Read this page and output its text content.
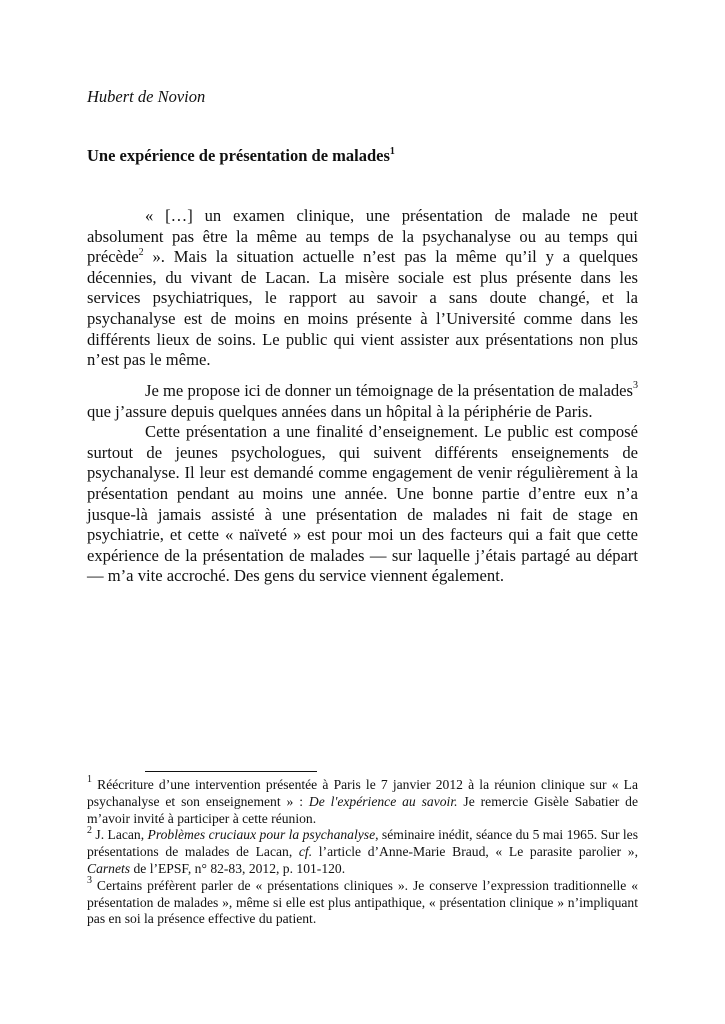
Hubert de Novion
Une expérience de présentation de malades$^1$

« […] un examen clinique, une présentation de malade ne peut absolument pas être la même au temps de la psychanalyse ou au temps qui précède$^2$ ». Mais la situation actuelle n’est pas la même qu’il y a quelques décennies, du vivant de Lacan. La misère sociale est plus présente dans les services psychiatriques, le rapport au savoir a sans doute changé, et la psychanalyse est de moins en moins présente à l’Université comme dans les différents lieux de soins. Le public qui vient assister aux présentations non plus n’est pas le même.

Je me propose ici de donner un témoignage de la présentation de malades$^3$ que j’assure depuis quelques années dans un hôpital à la périphérie de Paris.

Cette présentation a une finalité d’enseignement. Le public est composé surtout de jeunes psychologues, qui suivent différents enseignements de psychanalyse. Il leur est demandé comme engagement de venir régulièrement à la présentation pendant au moins une année. Une bonne partie d’entre eux n’a jusque-là jamais assisté à une présentation de malades ni fait de stage en psychiatrie, et cette « naïveté » est pour moi un des facteurs qui a fait que cette expérience de la présentation de malades — sur laquelle j’étais partagé au départ — m’a vite accroché. Des gens du service viennent également.

$^1$ Réécriture d’une intervention présentée à Paris le 7 janvier 2012 à la réunion clinique sur « La psychanalyse et son enseignement » : De l'expérience au savoir. Je remercie Gisèle Sabatier de m’avoir invité à participer à cette réunion.

$^2$ J. Lacan, Problèmes cruciaux pour la psychanalyse, séminaire inédit, séance du 5 mai 1965. Sur les présentations de malades de Lacan, cf. l’article d’Anne-Marie Braud, « Le parasite parolier », Carnets de l’EPSF, n° 82-83, 2012, p. 101-120.

$^3$ Certains préfèrent parler de « présentations cliniques ». Je conserve l’expression traditionnelle « présentation de malades », même si elle est plus antipathique, « présentation clinique » n’impliquant pas en soi la présence effective du patient.
